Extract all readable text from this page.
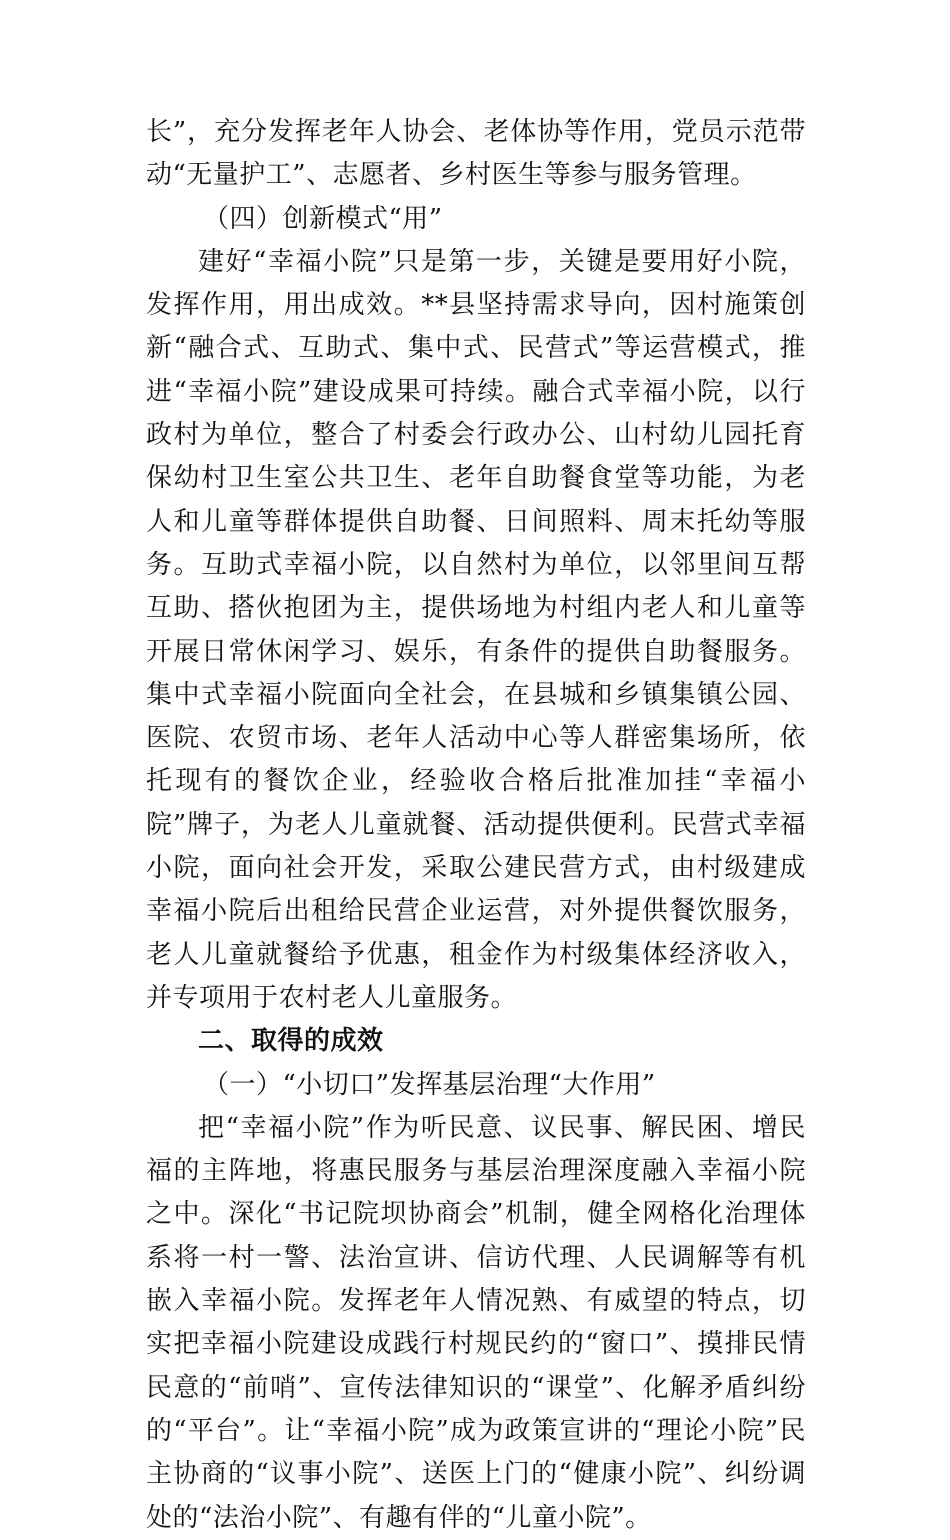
长”，充分发挥老年人协会、老体协等作用，党员示范带动“无量护工”、志愿者、乡村医生等参与服务管理。

（四）创新模式“用”

建好“幸福小院”只是第一步，关键是要用好小院，发挥作用，用出成效。**县坚持需求导向，因村施策创新“融合式、互助式、集中式、民营式”等运营模式，推进“幸福小院”建设成果可持续。融合式幸福小院，以行政村为单位，整合了村委会行政办公、山村幼儿园托育保幼村卫生室公共卫生、老年自助餐食堂等功能，为老人和儿童等群体提供自助餐、日间照料、周末托幼等服务。互助式幸福小院，以自然村为单位，以邻里间互帮互助、搭伙抱团为主，提供场地为村组内老人和儿童等开展日常休闲学习、娱乐，有条件的提供自助餐服务。集中式幸福小院面向全社会，在县城和乡镇集镇公园、医院、农贸市场、老年人活动中心等人群密集场所，依托现有的餐饮企业，经验收合格后批准加挂“幸福小院”牌子，为老人儿童就餐、活动提供便利。民营式幸福小院，面向社会开发，采取公建民营方式，由村级建成幸福小院后出租给民营企业运营，对外提供餐饮服务，老人儿童就餐给予优惠，租金作为村级集体经济收入，并专项用于农村老人儿童服务。

二、取得的成效
（一）“小切口”发挥基层治理“大作用”

把“幸福小院”作为听民意、议民事、解民困、增民福的主阵地，将惠民服务与基层治理深度融入幸福小院之中。深化“书记院坝协商会”机制，健全网格化治理体系将一村一警、法治宣讲、信访代理、人民调解等有机嵌入幸福小院。发挥老年人情况熟、有威望的特点，切实把幸福小院建设成践行村规民约的“窗口”、摸排民情民意的“前哨”、宣传法律知识的“课堂”、化解矛盾纠纷的“平台”。让“幸福小院”成为政策宣讲的“理论小院”民主协商的“议事小院”、送医上门的“健康小院”、纠纷调处的“法治小院”、有趣有伴的“儿童小院”。
